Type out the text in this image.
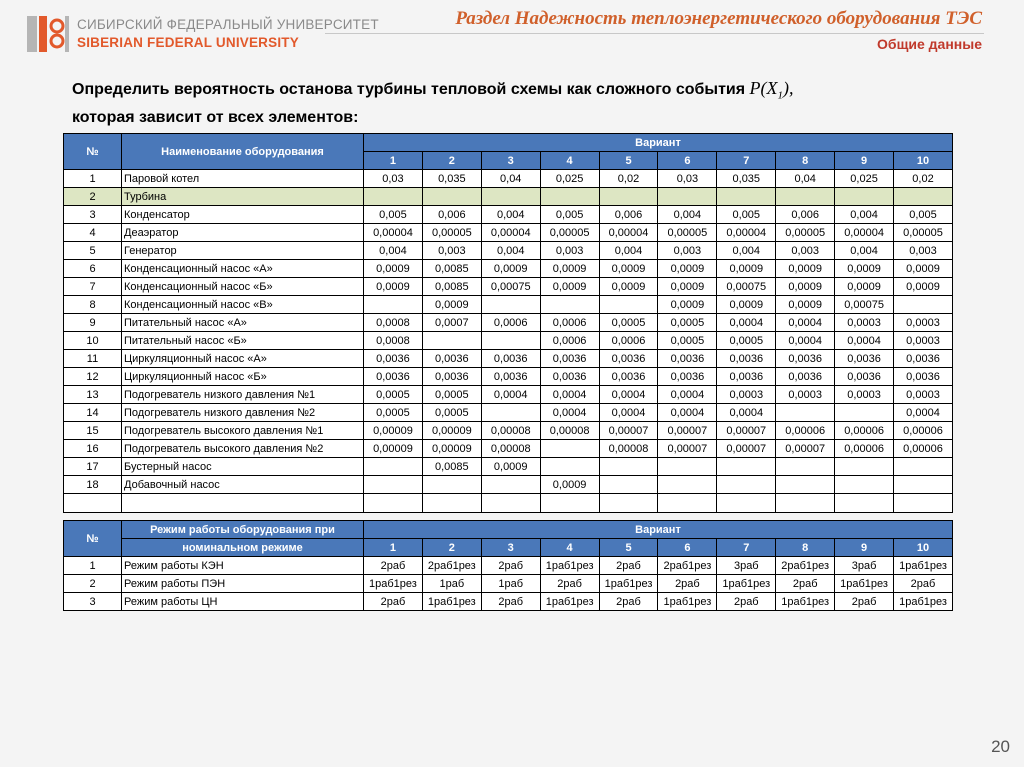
СИБИРСКИЙ ФЕДЕРАЛЬНЫЙ УНИВЕРСИТЕТ
SIBERIAN FEDERAL UNIVERSITY
Раздел Надежность теплоэнергетического оборудования ТЭС
Общие данные
Определить вероятность останова турбины тепловой схемы как сложного события $P(X_1)$,
которая зависит от всех элементов:
№	Наименование оборудования	Вариант									
		1	2	3	4	5	6	7	8	9	10
1	Паровой котел	0,03	0,035	0,04	0,025	0,02	0,03	0,035	0,04	0,025	0,02
2	Турбина										
3	Конденсатор	0,005	0,006	0,004	0,005	0,006	0,004	0,005	0,006	0,004	0,005
4	Деаэратор	0,00004	0,00005	0,00004	0,00005	0,00004	0,00005	0,00004	0,00005	0,00004	0,00005
5	Генератор	0,004	0,003	0,004	0,003	0,004	0,003	0,004	0,003	0,004	0,003
6	Конденсационный насос «А»	0,0009	0,0085	0,0009	0,0009	0,0009	0,0009	0,0009	0,0009	0,0009	0,0009
7	Конденсационный насос «Б»	0,0009	0,0085	0,00075	0,0009	0,0009	0,0009	0,00075	0,0009	0,0009	0,0009
8	Конденсационный насос «В»		0,0009				0,0009	0,0009	0,0009	0,00075	
9	Питательный насос «А»	0,0008	0,0007	0,0006	0,0006	0,0005	0,0005	0,0004	0,0004	0,0003	0,0003
10	Питательный насос «Б»	0,0008			0,0006	0,0006	0,0005	0,0005	0,0004	0,0004	0,0003
11	Циркуляционный насос «А»	0,0036	0,0036	0,0036	0,0036	0,0036	0,0036	0,0036	0,0036	0,0036	0,0036
12	Циркуляционный насос «Б»	0,0036	0,0036	0,0036	0,0036	0,0036	0,0036	0,0036	0,0036	0,0036	0,0036
13	Подогреватель низкого давления №1	0,0005	0,0005	0,0004	0,0004	0,0004	0,0004	0,0003	0,0003	0,0003	0,0003
14	Подогреватель низкого давления №2	0,0005	0,0005		0,0004	0,0004	0,0004	0,0004			0,0004
15	Подогреватель высокого давления №1	0,00009	0,00009	0,00008	0,00008	0,00007	0,00007	0,00007	0,00006	0,00006	0,00006
16	Подогреватель высокого давления №2	0,00009	0,00009	0,00008		0,00008	0,00007	0,00007	0,00007	0,00006	0,00006
17	Бустерный насос		0,0085	0,0009							
18	Добавочный насос				0,0009						

№	Режим работы оборудования при	Вариант									
	номинальном режиме	1	2	3	4	5	6	7	8	9	10
1	Режим работы КЭН	2раб	2раб1рез	2раб	1раб1рез	2раб	2раб1рез	3раб	2раб1рез	3раб	1раб1рез
2	Режим работы ПЭН	1раб1рез	1раб	1раб	2раб	1раб1рез	2раб	1раб1рез	2раб	1раб1рез	2раб
3	Режим работы ЦН	2раб	1раб1рез	2раб	1раб1рез	2раб	1раб1рез	2раб	1раб1рез	2раб	1раб1рез
20
